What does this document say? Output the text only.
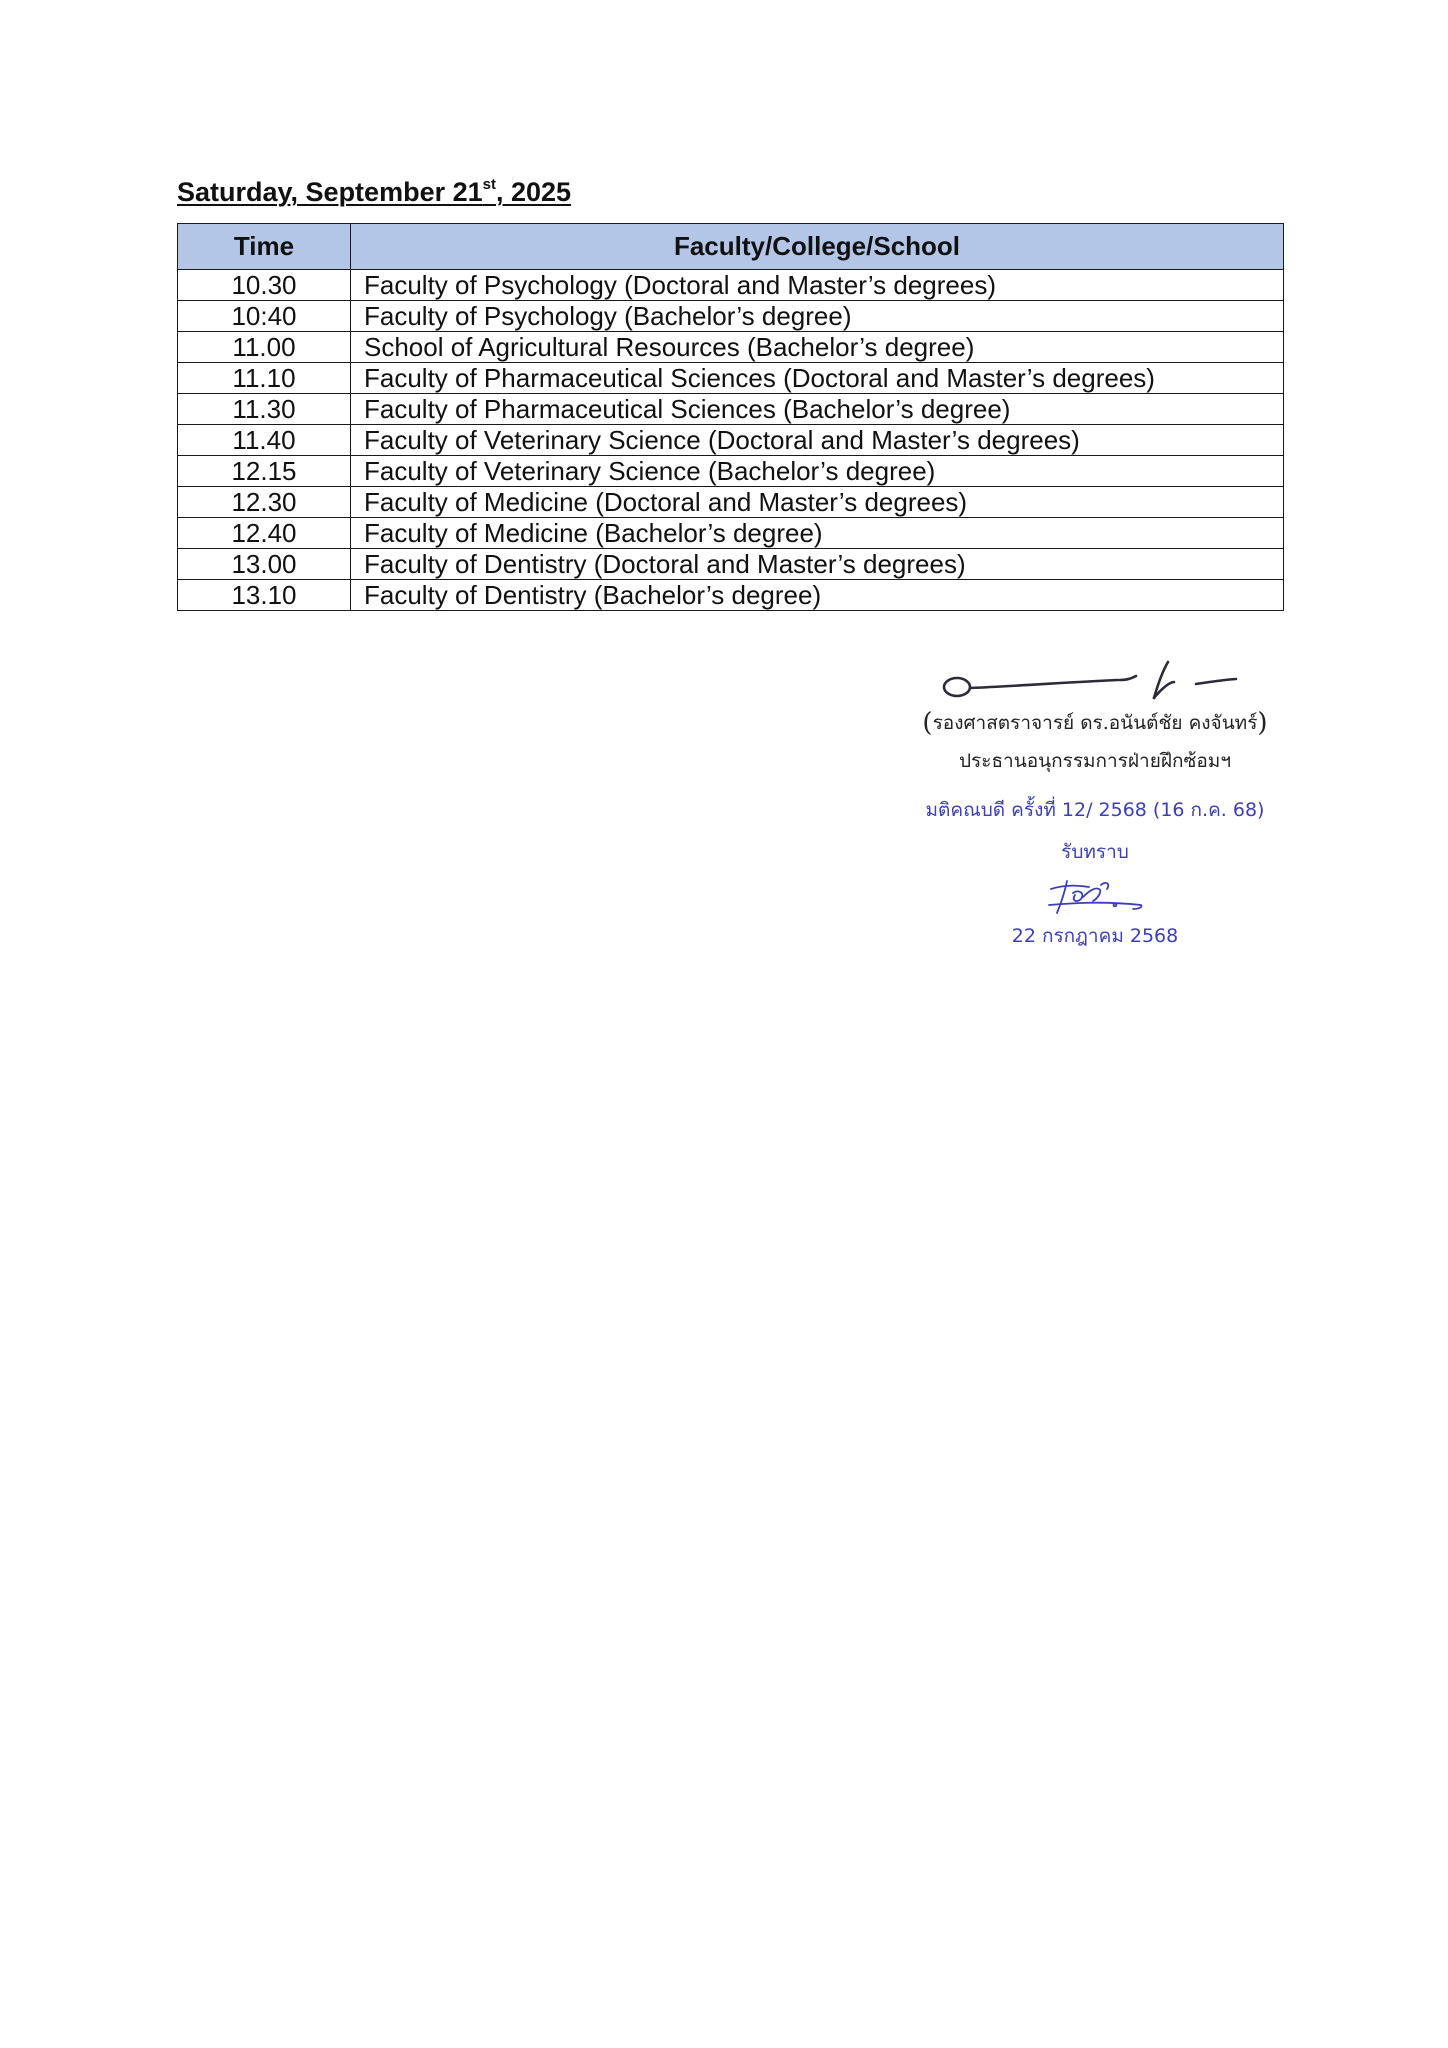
Saturday, September 21st, 2025
Time	Faculty/College/School
10.30	Faculty of Psychology (Doctoral and Master’s degrees)
10:40	Faculty of Psychology (Bachelor’s degree)
11.00	School of Agricultural Resources (Bachelor’s degree)
11.10	Faculty of Pharmaceutical Sciences (Doctoral and Master’s degrees)
11.30	Faculty of Pharmaceutical Sciences (Bachelor’s degree)
11.40	Faculty of Veterinary Science (Doctoral and Master’s degrees)
12.15	Faculty of Veterinary Science (Bachelor’s degree)
12.30	Faculty of Medicine (Doctoral and Master’s degrees)
12.40	Faculty of Medicine (Bachelor’s degree)
13.00	Faculty of Dentistry (Doctoral and Master’s degrees)
13.10	Faculty of Dentistry (Bachelor’s degree)
(รองศาสตราจารย์ ดร.อนันต์ชัย คงจันทร์)
ประธานอนุกรรมการฝ่ายฝึกซ้อมฯ
มติคณบดี ครั้งที่ 12/ 2568 (16 ก.ค. 68)
รับทราบ
22 กรกฎาคม 2568
